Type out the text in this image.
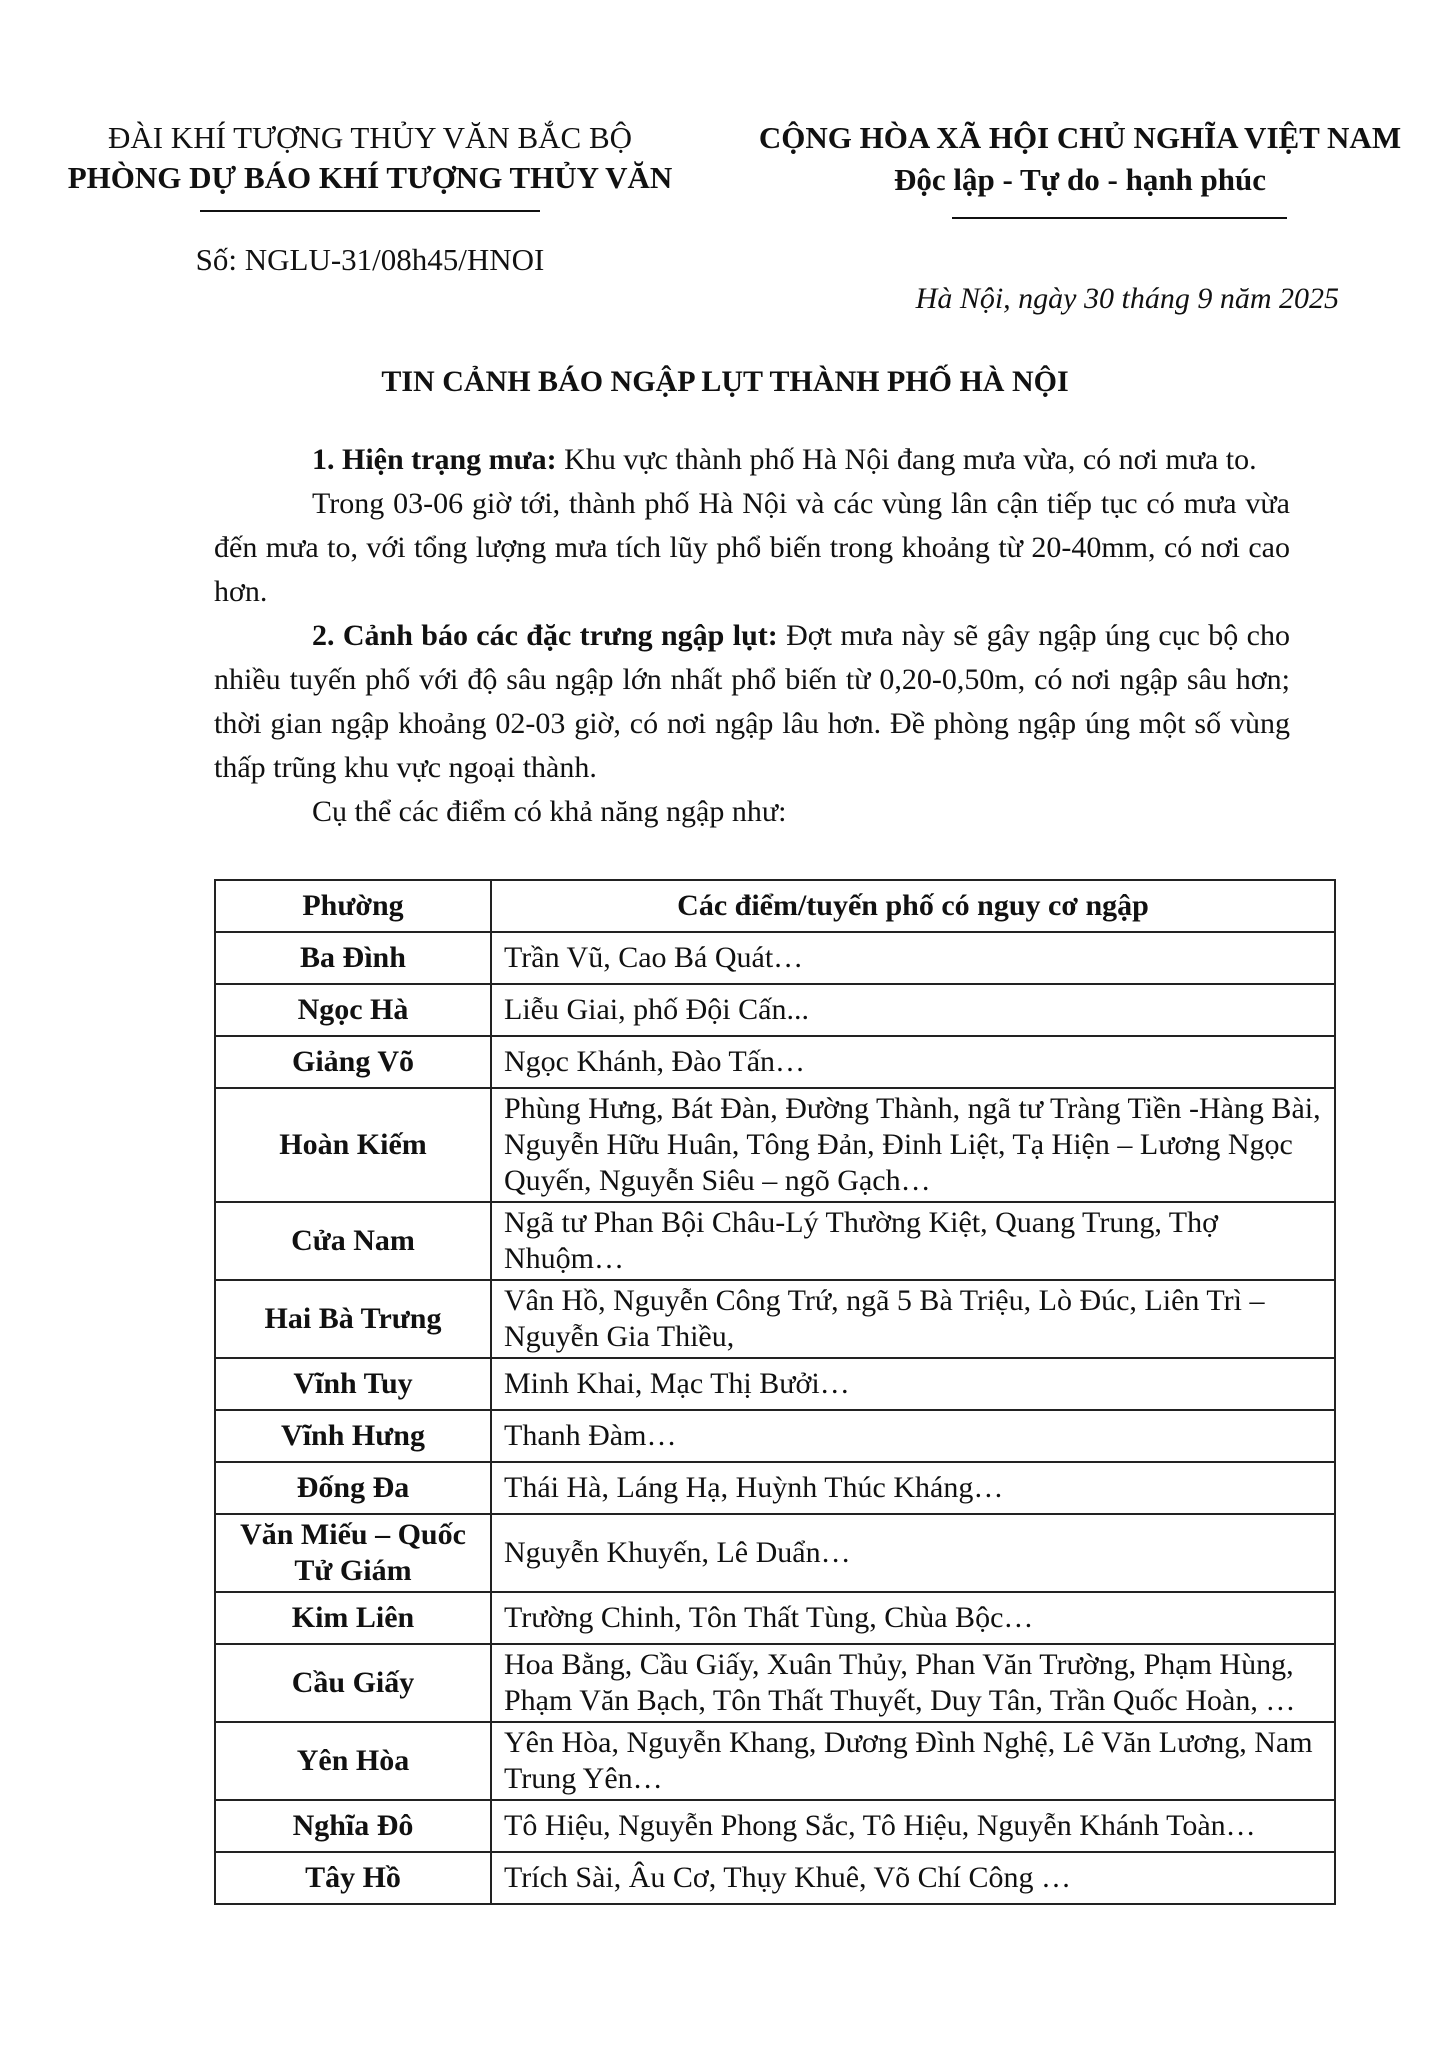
ĐÀI KHÍ TƯỢNG THỦY VĂN BẮC BỘ
PHÒNG DỰ BÁO KHÍ TƯỢNG THỦY VĂN
CỘNG HÒA XÃ HỘI CHỦ NGHĨA VIỆT NAM
Độc lập - Tự do - hạnh phúc
Số: NGLU-31/08h45/HNOI
Hà Nội, ngày 30 tháng 9 năm 2025
TIN CẢNH BÁO NGẬP LỤT THÀNH PHỐ HÀ NỘI

1. Hiện trạng mưa: Khu vực thành phố Hà Nội đang mưa vừa, có nơi mưa to.

Trong 03-06 giờ tới, thành phố Hà Nội và các vùng lân cận tiếp tục có mưa vừa đến mưa to, với tổng lượng mưa tích lũy phổ biến trong khoảng từ 20-40mm, có nơi cao hơn.

2. Cảnh báo các đặc trưng ngập lụt: Đợt mưa này sẽ gây ngập úng cục bộ cho nhiều tuyến phố với độ sâu ngập lớn nhất phổ biến từ 0,20-0,50m, có nơi ngập sâu hơn; thời gian ngập khoảng 02-03 giờ, có nơi ngập lâu hơn. Đề phòng ngập úng một số vùng thấp trũng khu vực ngoại thành.

Cụ thể các điểm có khả năng ngập như:

Phường	Các điểm/tuyến phố có nguy cơ ngập
Ba Đình	Trần Vũ, Cao Bá Quát…
Ngọc Hà	Liễu Giai, phố Đội Cấn...
Giảng Võ	Ngọc Khánh, Đào Tấn…
Hoàn Kiếm	Phùng Hưng, Bát Đàn, Đường Thành, ngã tư Tràng Tiền -Hàng Bài, Nguyễn Hữu Huân, Tông Đản, Đinh Liệt, Tạ Hiện – Lương Ngọc Quyến, Nguyễn Siêu – ngõ Gạch…
Cửa Nam	Ngã tư Phan Bội Châu-Lý Thường Kiệt, Quang Trung, Thợ Nhuộm…
Hai Bà Trưng	Vân Hồ, Nguyễn Công Trứ, ngã 5 Bà Triệu, Lò Đúc, Liên Trì – Nguyễn Gia Thiều,
Vĩnh Tuy	Minh Khai, Mạc Thị Bưởi…
Vĩnh Hưng	Thanh Đàm…
Đống Đa	Thái Hà, Láng Hạ, Huỳnh Thúc Kháng…
Văn Miếu – Quốc Tử Giám	Nguyễn Khuyến, Lê Duẩn…
Kim Liên	Trường Chinh, Tôn Thất Tùng, Chùa Bộc…
Cầu Giấy	Hoa Bằng, Cầu Giấy, Xuân Thủy, Phan Văn Trường, Phạm Hùng, Phạm Văn Bạch, Tôn Thất Thuyết, Duy Tân, Trần Quốc Hoàn, …
Yên Hòa	Yên Hòa, Nguyễn Khang, Dương Đình Nghệ, Lê Văn Lương, Nam Trung Yên…
Nghĩa Đô	Tô Hiệu, Nguyễn Phong Sắc, Tô Hiệu, Nguyễn Khánh Toàn…
Tây Hồ	Trích Sài, Âu Cơ, Thụy Khuê, Võ Chí Công …
